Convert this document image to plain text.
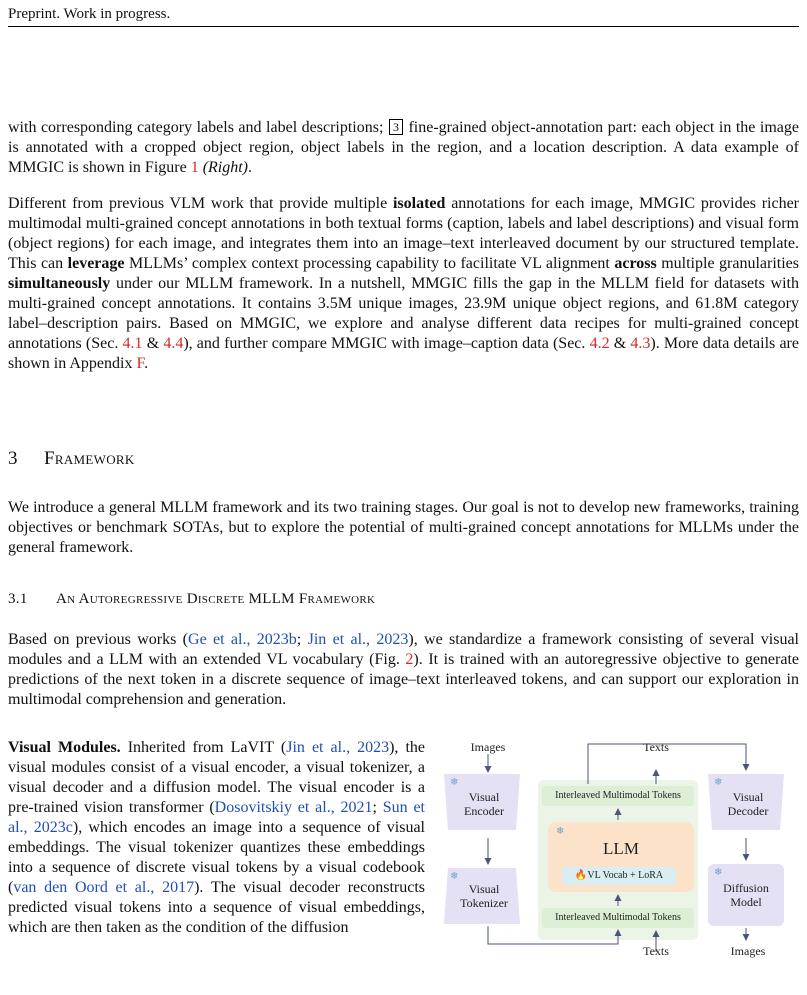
Preprint. Work in progress.

with corresponding category labels and label descriptions; 3 fine-grained object-annotation part: each object in the image is annotated with a cropped object region, object labels in the region, and a location description. A data example of MMGIC is shown in Figure 1 (Right).

Different from previous VLM work that provide multiple isolated annotations for each image, MMGIC provides richer multimodal multi-grained concept annotations in both textual forms (caption, labels and label descriptions) and visual form (object regions) for each image, and integrates them into an image–text interleaved document by our structured template. This can leverage MLLMs’ complex context processing capability to facilitate VL alignment across multiple granularities simultaneously under our MLLM framework. In a nutshell, MMGIC fills the gap in the MLLM field for datasets with multi-grained concept annotations. It contains 3.5M unique images, 23.9M unique object regions, and 61.8M category label–description pairs. Based on MMGIC, we explore and analyse different data recipes for multi-grained concept annotations (Sec. 4.1 & 4.4), and further compare MMGIC with image–caption data (Sec. 4.2 & 4.3). More data details are shown in Appendix F.

3 Framework

We introduce a general MLLM framework and its two training stages. Our goal is not to develop new frameworks, training objectives or benchmark SOTAs, but to explore the potential of multi-grained concept annotations for MLLMs under the general framework.

3.1 An Autoregressive Discrete MLLM Framework

Based on previous works (Ge et al., 2023b; Jin et al., 2023), we standardize a framework consisting of several visual modules and a LLM with an extended VL vocabulary (Fig. 2). It is trained with an autoregressive objective to generate predictions of the next token in a discrete sequence of image–text interleaved tokens, and can support our exploration in multimodal comprehension and generation.

Visual Modules. Inherited from LaVIT (Jin et al., 2023), the visual modules consist of a visual encoder, a visual tokenizer, a visual decoder and a diffusion model. The visual encoder is a pre-trained vision transformer (Dosovitskiy et al., 2021; Sun et al., 2023c), which encodes an image into a sequence of visual embeddings. The visual tokenizer quantizes these embeddings into a sequence of discrete visual tokens by a visual codebook (van den Oord et al., 2017). The visual decoder reconstructs predicted visual tokens into a sequence of visual embeddings, which are then taken as the condition of the diffusion

❄
❄
❄
❄
❄
Images	Texts
Visual Encoder
Visual Tokenizer
Interleaved Multimodal Tokens
LLM
🔥VL Vocab + LoRA
Interleaved Multimodal Tokens
Texts
Visual Decoder
Diffusion Model
Images
